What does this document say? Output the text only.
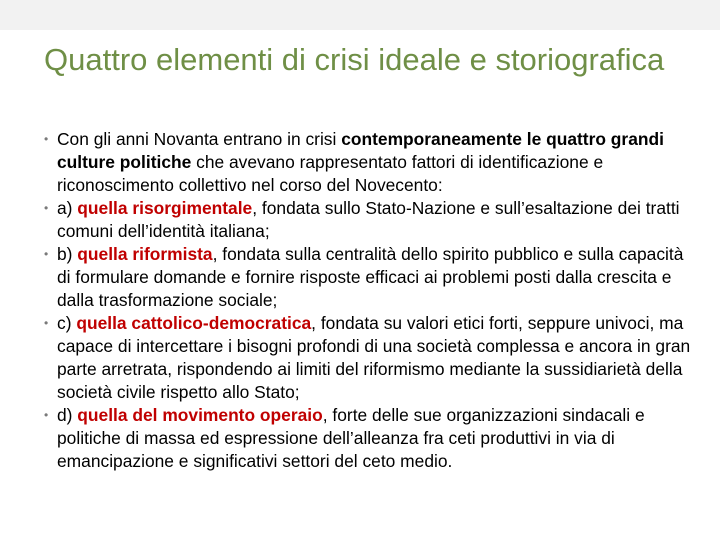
Quattro elementi di crisi ideale e storiografica
• Con gli anni Novanta entrano in crisi contemporaneamente le quattro grandi culture politiche che avevano rappresentato fattori di identificazione e riconoscimento collettivo nel corso del Novecento:
• a) quella risorgimentale, fondata sullo Stato-Nazione e sull’esaltazione dei tratti comuni dell’identità italiana;
• b) quella riformista, fondata sulla centralità dello spirito pubblico e sulla capacità di formulare domande e fornire risposte efficaci ai problemi posti dalla crescita e dalla trasformazione sociale;
• c) quella cattolico-democratica, fondata su valori etici forti, seppure univoci, ma capace di intercettare i bisogni profondi di una società complessa e ancora in gran parte arretrata, rispondendo ai limiti del riformismo mediante la sussidiarietà della società civile rispetto allo Stato;
• d) quella del movimento operaio, forte delle sue organizzazioni sindacali e politiche di massa ed espressione dell’alleanza fra ceti produttivi in via di emancipazione e significativi settori del ceto medio.
